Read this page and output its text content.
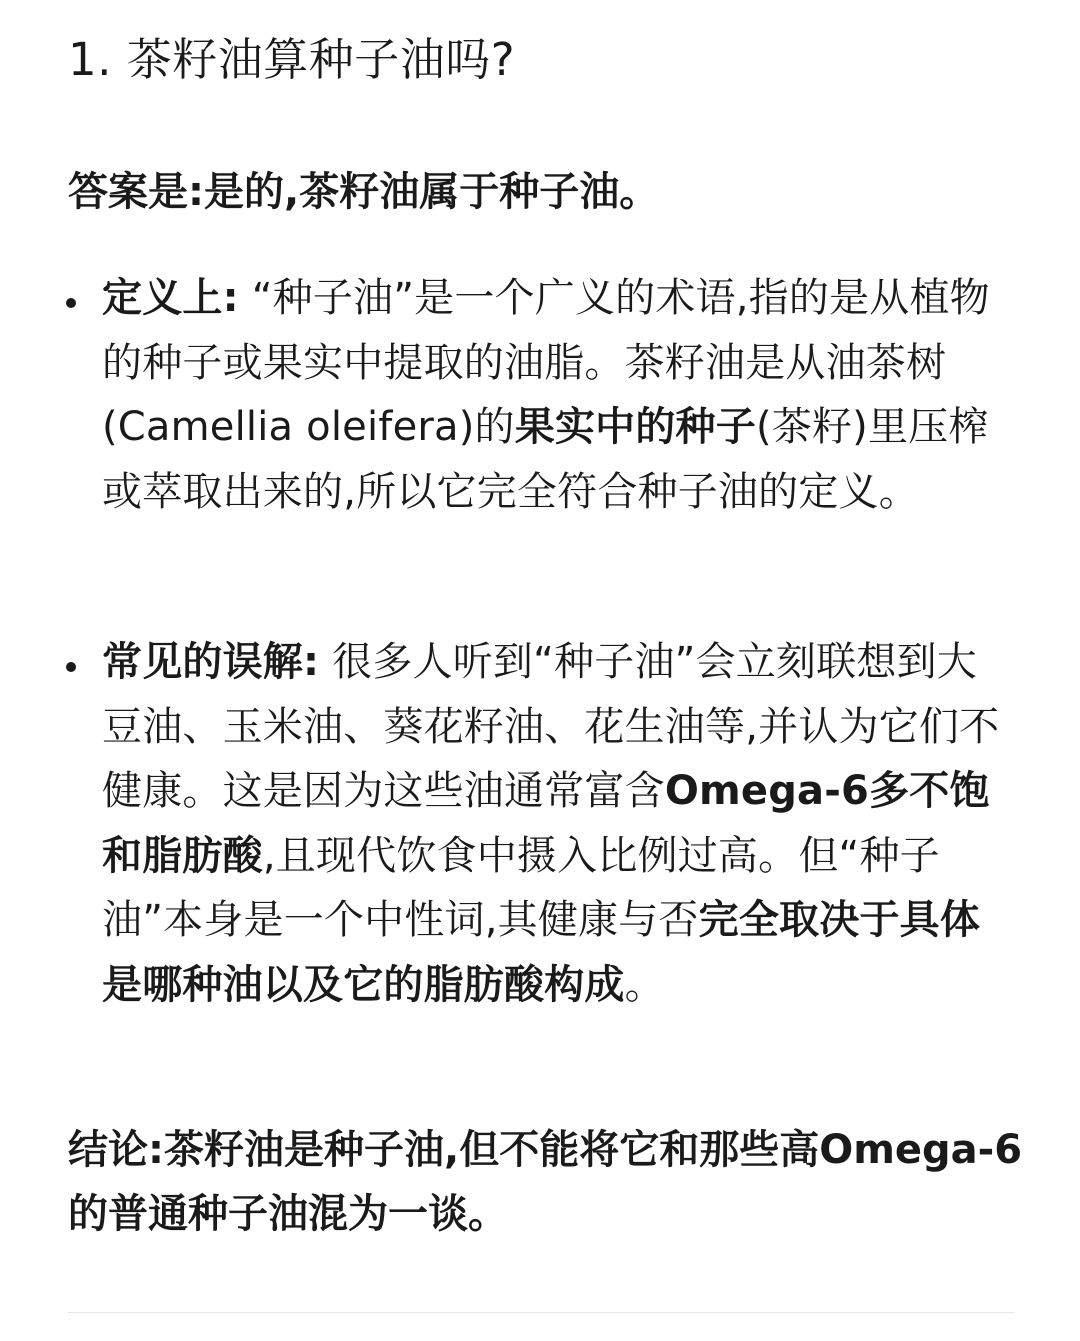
1. 茶籽油算种子油吗?

答案是:是的,茶籽油属于种子油。

定义上: “种子油”是一个广义的术语,指的是从植物的种子或果实中提取的油脂。茶籽油是从油茶树(Camellia oleifera)的果实中的种子(茶籽)里压榨或萃取出来的,所以它完全符合种子油的定义。

常见的误解: 很多人听到“种子油”会立刻联想到大豆油、玉米油、葵花籽油、花生油等,并认为它们不健康。这是因为这些油通常富含Omega-6多不饱和脂肪酸,且现代饮食中摄入比例过高。但“种子油”本身是一个中性词,其健康与否完全取决于具体是哪种油以及它的脂肪酸构成。

结论:茶籽油是种子油,但不能将它和那些高Omega-6的普通种子油混为一谈。
